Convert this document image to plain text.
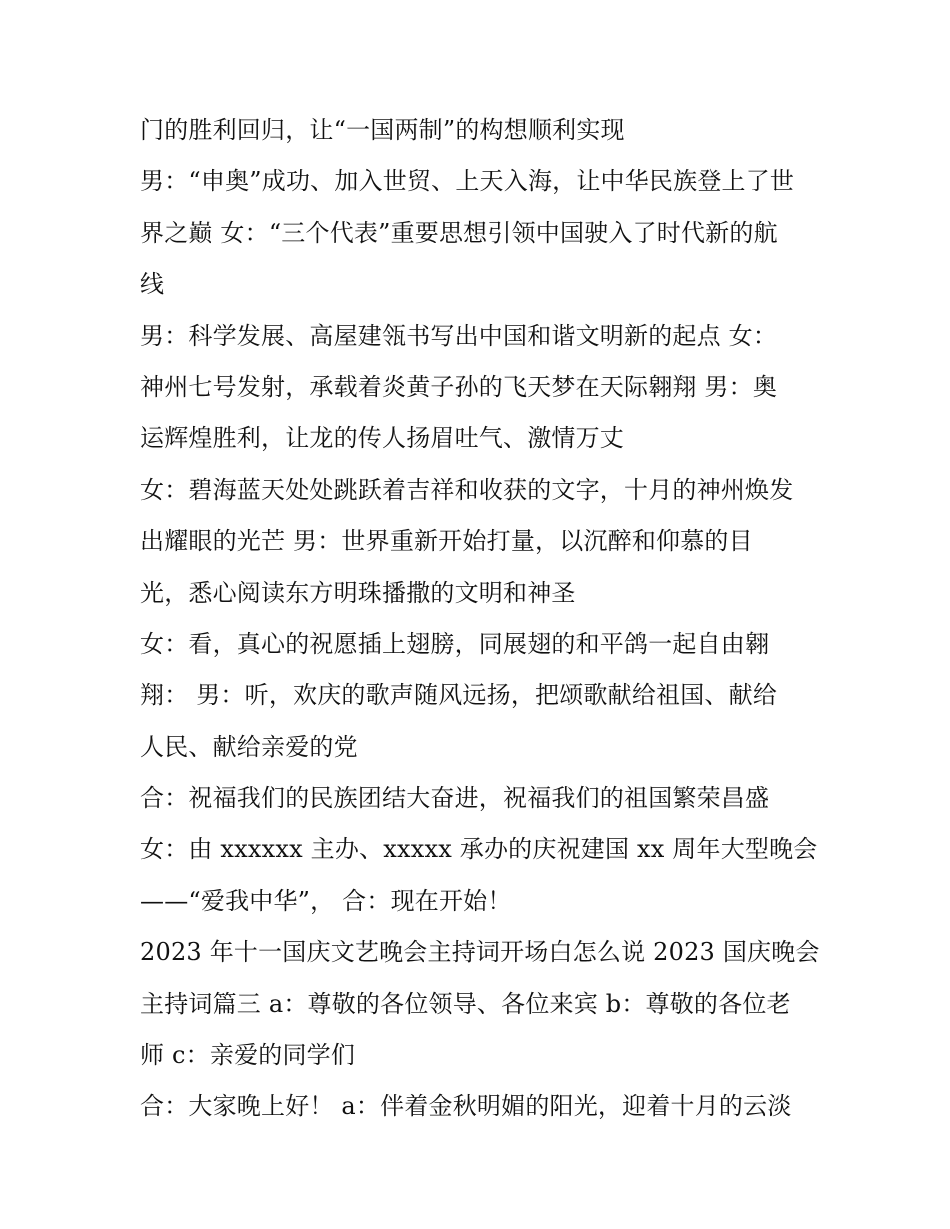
门的胜利回归，让“一国两制”的构想顺利实现
男：“申奥”成功、加入世贸、上天入海，让中华民族登上了世
界之巅 女：“三个代表”重要思想引领中国驶入了时代新的航
线
男：科学发展、高屋建瓴书写出中国和谐文明新的起点 女：
神州七号发射，承载着炎黄子孙的飞天梦在天际翱翔 男：奥
运辉煌胜利，让龙的传人扬眉吐气、激情万丈
女：碧海蓝天处处跳跃着吉祥和收获的文字，十月的神州焕发
出耀眼的光芒 男：世界重新开始打量，以沉醉和仰慕的目
光，悉心阅读东方明珠播撒的文明和神圣
女：看，真心的祝愿插上翅膀，同展翅的和平鸽一起自由翱
翔： 男：听，欢庆的歌声随风远扬，把颂歌献给祖国、献给
人民、献给亲爱的党
合：祝福我们的民族团结大奋进，祝福我们的祖国繁荣昌盛
女：由 xxxxxx 主办、xxxxx 承办的庆祝建国 xx 周年大型晚会
——“爱我中华”， 合：现在开始！
2023 年十一国庆文艺晚会主持词开场白怎么说 2023 国庆晚会
主持词篇三 a：尊敬的各位领导、各位来宾 b：尊敬的各位老
师 c：亲爱的同学们
合：大家晚上好！ a：伴着金秋明媚的阳光，迎着十月的云淡
